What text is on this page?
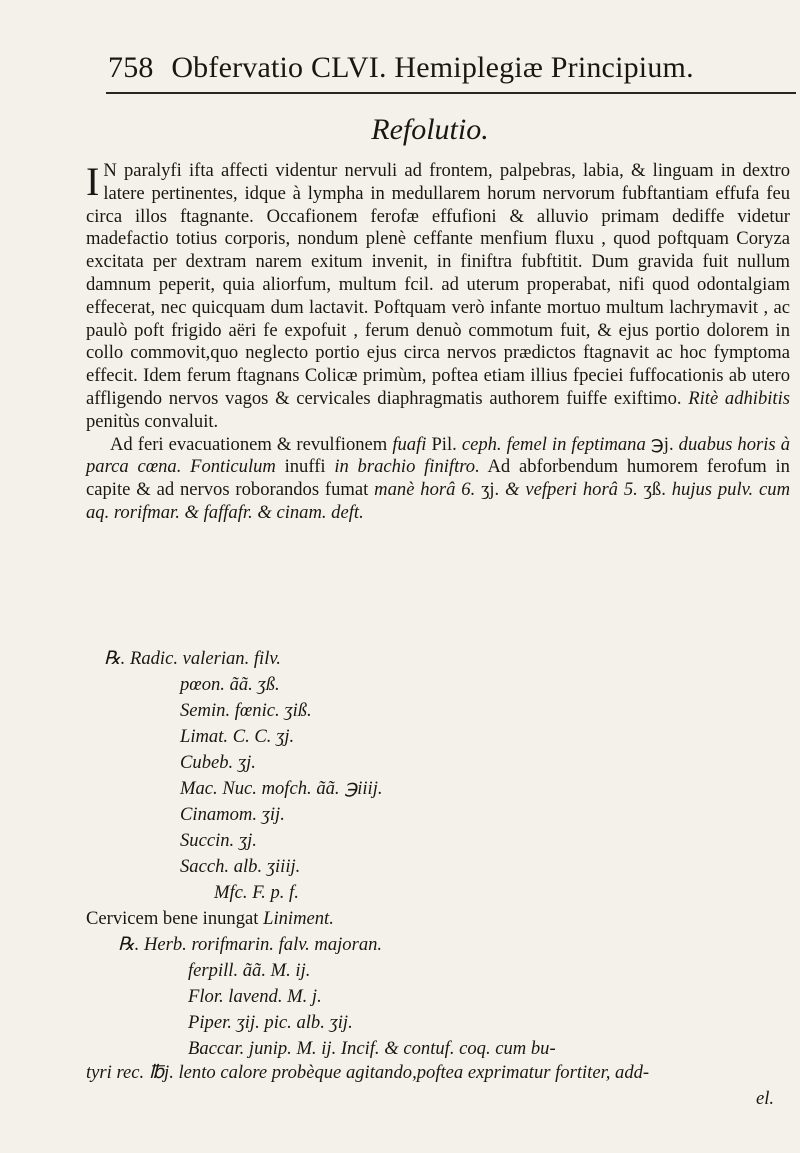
758 Obfervatio CLVI. Hemiplegiæ Principium.
Refolutio.

I N paralyfi ifta affecti videntur nervuli ad frontem, palpebras, labia, & linguam in dextro latere pertinentes, idque à lympha in medullarem horum nervorum fubftantiam effufa feu circa illos ftagnante. Occafionem ferofæ effufioni & alluvio primam dediffe videtur madefactio totius corporis, nondum plenè ceffante menfium fluxu , quod poftquam Coryza excitata per dextram narem exitum invenit, in finiftra fubftitit. Dum gravida fuit nullum damnum peperit, quia aliorfum, multum fcil. ad uterum properabat, nifi quod odontalgiam effecerat, nec quicquam dum lactavit. Poftquam verò infante mortuo multum lachrymavit , ac paulò poft frigido aëri fe expofuit , ferum denuò commotum fuit, & ejus portio dolorem in collo commovit,quo neglecto portio ejus circa nervos prædictos ftagnavit ac hoc fymptoma effecit. Idem ferum ftagnans Colicæ primùm, poftea etiam illius fpeciei fuffocationis ab utero affligendo nervos vagos & cervicales diaphragmatis authorem fuiffe exiftimo. Ritè adhibitis penitùs convaluit.

Ad feri evacuationem & revulfionem fuafi Pil. ceph. femel in feptimana ℈j. duabus horis à parca cœna. Fonticulum inuffi in brachio finiftro. Ad abforbendum humorem ferofum in capite & ad nervos roborandos fumat manè horâ 6. ʒj. & vefperi horâ 5. ʒß. hujus pulv. cum aq. rorifmar. & faffafr. & cinam. deft.

℞. Radic. valerian. filv.
pœon. ãã. ʒß.
Semin. fœnic. ʒiß.
Limat. C. C. ʒj.
Cubeb. ʒj.
Mac. Nuc. mofch. ãã. ℈iiij.
Cinamom. ʒij.
Succin. ʒj.
Sacch. alb. ʒiiij.
Mfc. F. p. f.
Cervicem bene inungat Liniment.
℞. Herb. rorifmarin. falv. majoran.
ferpill. ãã. M. ij.
Flor. lavend. M. j.
Piper. ʒij. pic. alb. ʒij.
Baccar. junip. M. ij. Incif. & contuf. coq. cum bu-
tyri rec. ℔j. lento calore probèque agitando,poftea exprimatur fortiter, add-
el.
